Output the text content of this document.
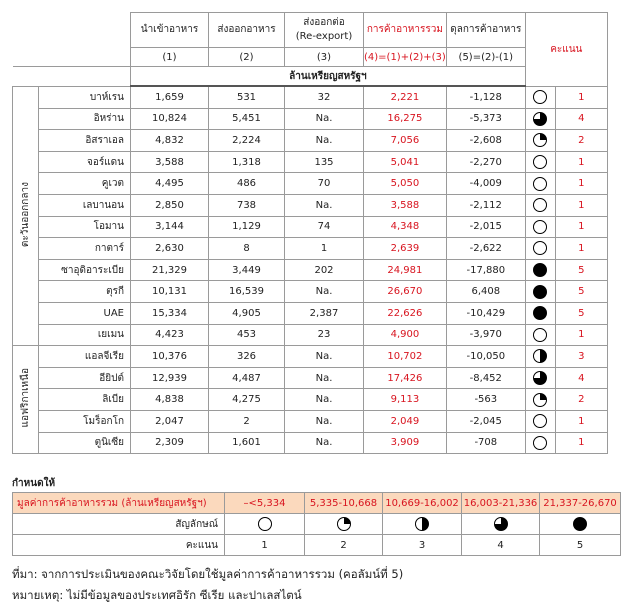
		นำเข้าอาหาร	ส่งออกอาหาร	ส่งออกต่อ
(Re-export)	การค้าอาหารรวม	ดุลการค้าอาหาร	คะแนน	
		(1)	(2)	(3)	(4)=(1)+(2)+(3)	(5)=(2)-(1)		
		ล้านเหรียญสหรัฐฯ						
ตะวันออกกลาง	บาห์เรน	1,659	531	32	2,221	-1,128		1
	อิหร่าน	10,824	5,451	Na.	16,275	-5,373		4
	อิสราเอล	4,832	2,224	Na.	7,056	-2,608		2
	จอร์แดน	3,588	1,318	135	5,041	-2,270		1
	คูเวต	4,495	486	70	5,050	-4,009		1
	เลบานอน	2,850	738	Na.	3,588	-2,112		1
	โอมาน	3,144	1,129	74	4,348	-2,015		1
	กาตาร์	2,630	8	1	2,639	-2,622		1
	ซาอุดิอาระเบีย	21,329	3,449	202	24,981	-17,880		5
	ตุรกี	10,131	16,539	Na.	26,670	6,408		5
	UAE	15,334	4,905	2,387	22,626	-10,429		5
	เยเมน	4,423	453	23	4,900	-3,970		1
แอฟริกาเหนือ	แอลจีเรีย	10,376	326	Na.	10,702	-10,050		3
	อียิปต์	12,939	4,487	Na.	17,426	-8,452		4
	ลิเบีย	4,838	4,275	Na.	9,113	-563		2
	โมร็อกโก	2,047	2	Na.	2,049	-2,045		1
	ตูนิเซีย	2,309	1,601	Na.	3,909	-708		1
กำหนดให้
มูลค่าการค้าอาหารรวม (ล้านเหรียญสหรัฐฯ)	–<5,334	5,335-10,668	10,669-16,002	16,003-21,336	21,337-26,670
สัญลักษณ์	

คะแนน	1	2	3	4	5
ที่มา: จากการประเมินของคณะวิจัยโดยใช้มูลค่าการค้าอาหารรวม (คอลัมน์ที่ 5)
หมายเหตุ: ไม่มีข้อมูลของประเทศอิรัก ซีเรีย และปาเลสไตน์
